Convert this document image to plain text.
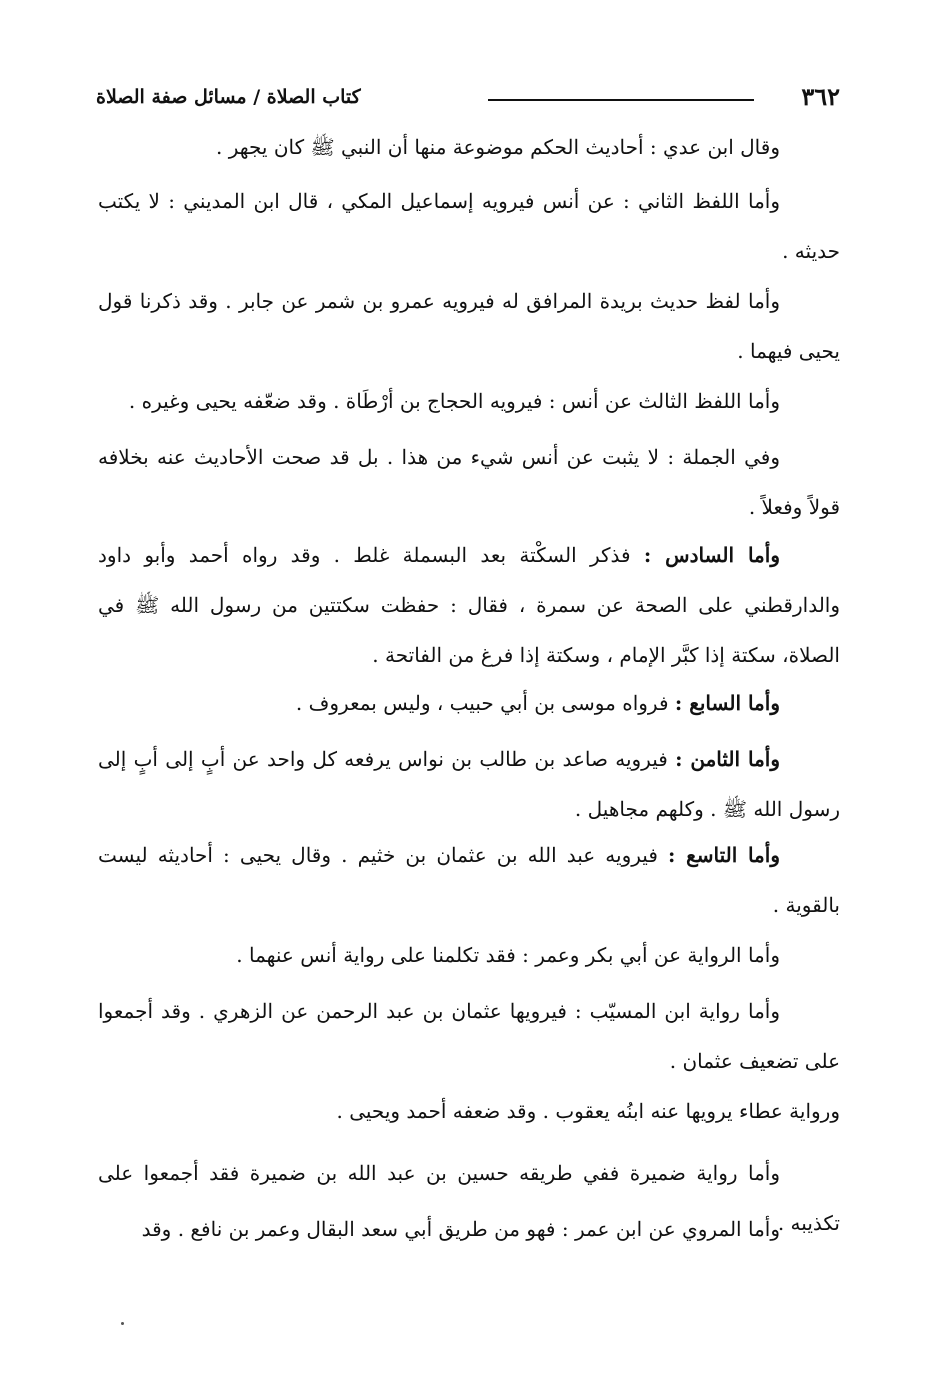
٣٦٢
كتاب الصلاة / مسائل صفة الصلاة

وقال ابن عدي : أحاديث الحكم موضوعة منها أن النبي ﷺ كان يجهر .

وأما اللفظ الثاني : عن أنس فيرويه إسماعيل المكي ، قال ابن المديني : لا يكتب حديثه .

وأما لفظ حديث بريدة المرافق له فيرويه عمرو بن شمر عن جابر . وقد ذكرنا قول يحيى فيهما .

وأما اللفظ الثالث عن أنس : فيرويه الحجاج بن أرْطَاة . وقد ضعّفه يحيى وغيره .

وفي الجملة : لا يثبت عن أنس شيء من هذا . بل قد صحت الأحاديث عنه بخلافه قولاً وفعلاً .

وأما السادس : فذكر السكْتة بعد البسملة غلط . وقد رواه أحمد وأبو داود والدارقطني على الصحة عن سمرة ، فقال : حفظت سكتتين من رسول الله ﷺ في الصلاة، سكتة إذا كبَّر الإمام ، وسكتة إذا فرغ من الفاتحة .

وأما السابع : فرواه موسى بن أبي حبيب ، وليس بمعروف .

وأما الثامن : فيرويه صاعد بن طالب بن نواس يرفعه كل واحد عن أبٍ إلى أبٍ إلى رسول الله ﷺ . وكلهم مجاهيل .

وأما التاسع : فيرويه عبد الله بن عثمان بن خثيم . وقال يحيى : أحاديثه ليست بالقوية .

وأما الرواية عن أبي بكر وعمر : فقد تكلمنا على رواية أنس عنهما .

وأما رواية ابن المسيّب : فيرويها عثمان بن عبد الرحمن عن الزهري . وقد أجمعوا على تضعيف عثمان .

ورواية عطاء يرويها عنه ابنُه يعقوب . وقد ضعفه أحمد ويحيى .

وأما رواية ضميرة ففي طريقه حسين بن عبد الله بن ضميرة فقد أجمعوا على تكذيبه .

وأما المروي عن ابن عمر : فهو من طريق أبي سعد البقال وعمر بن نافع . وقد
